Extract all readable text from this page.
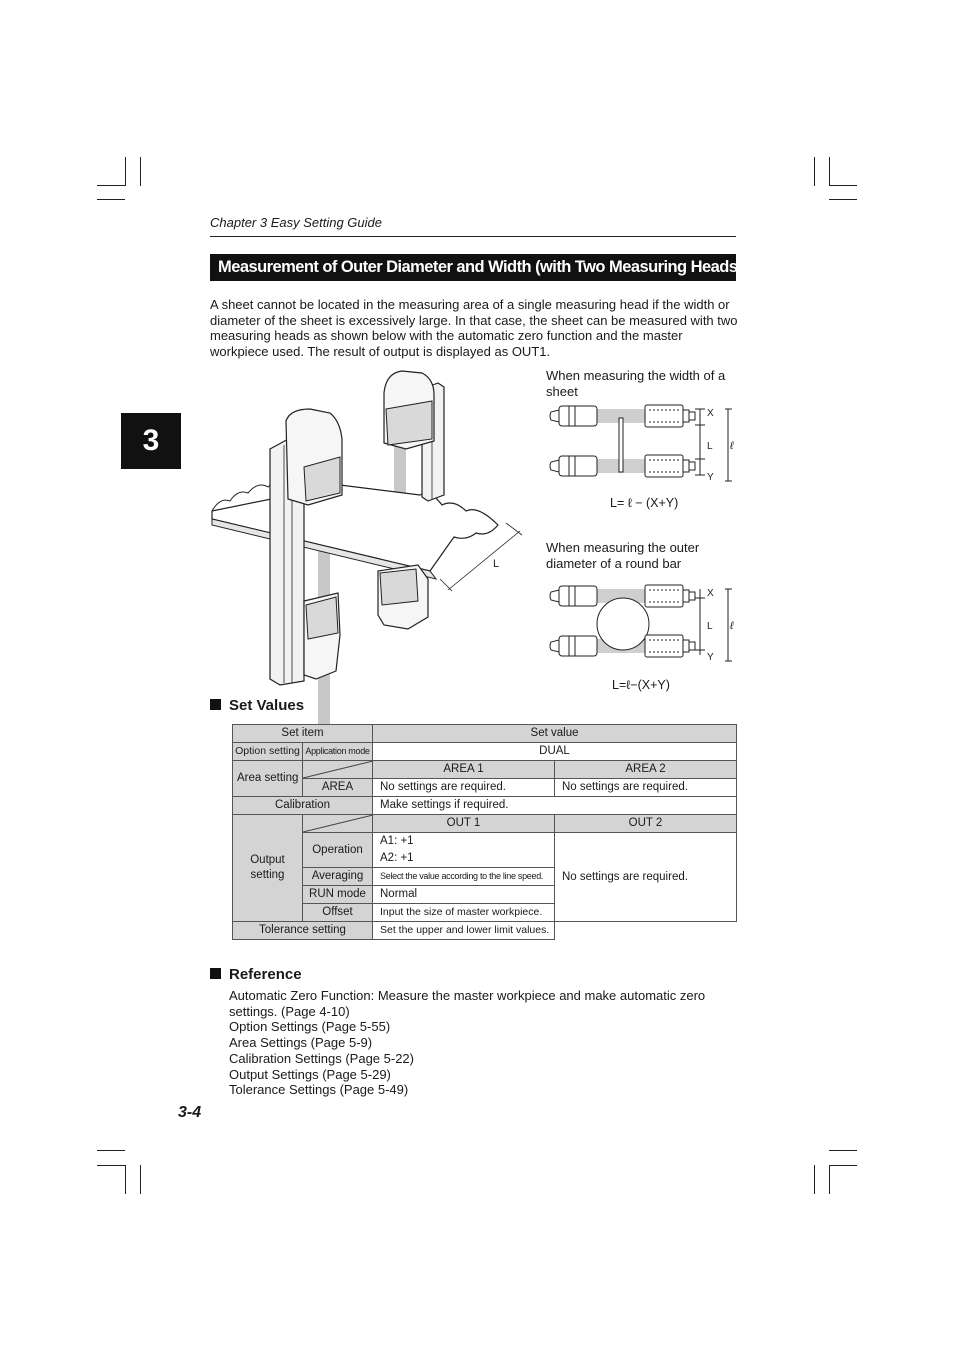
Chapter 3 Easy Setting Guide
Measurement of Outer Diameter and Width (with Two Measuring Heads for Larger Objects)
A sheet cannot be located in the measuring area of a single measuring head if the width or diameter of the sheet is excessively large. In that case, the sheet can be measured with two measuring heads as shown below with the automatic zero function and the master workpiece used. The result of output is displayed as OUT1.
3
L
When measuring the width of a sheet
X
L
Y
ℓ
L= ℓ − (X+Y)
When measuring the outer diameter of a round bar
X
L
Y
ℓ
L=ℓ−(X+Y)
Set Values
Set item		Set value	
Option setting	Application mode	DUAL	
Area setting		AREA 1	AREA 2
	AREA	No settings are required.	No settings are required.
Calibration		Make settings if required.	
Output setting		OUT 1	OUT 2
	Operation	A1: +1	No settings are required.
		A2: +1	
	Averaging	Select the value according to the line speed.	
	RUN mode	Normal	
	Offset	Input the size of master workpiece.	
Tolerance setting		Set the upper and lower limit values.	
Reference
Automatic Zero Function: Measure the master workpiece and make automatic zero settings. (Page 4-10)
Option Settings (Page 5-55)
Area Settings (Page 5-9)
Calibration Settings (Page 5-22)
Output Settings (Page 5-29)
Tolerance Settings (Page 5-49)
3-4
